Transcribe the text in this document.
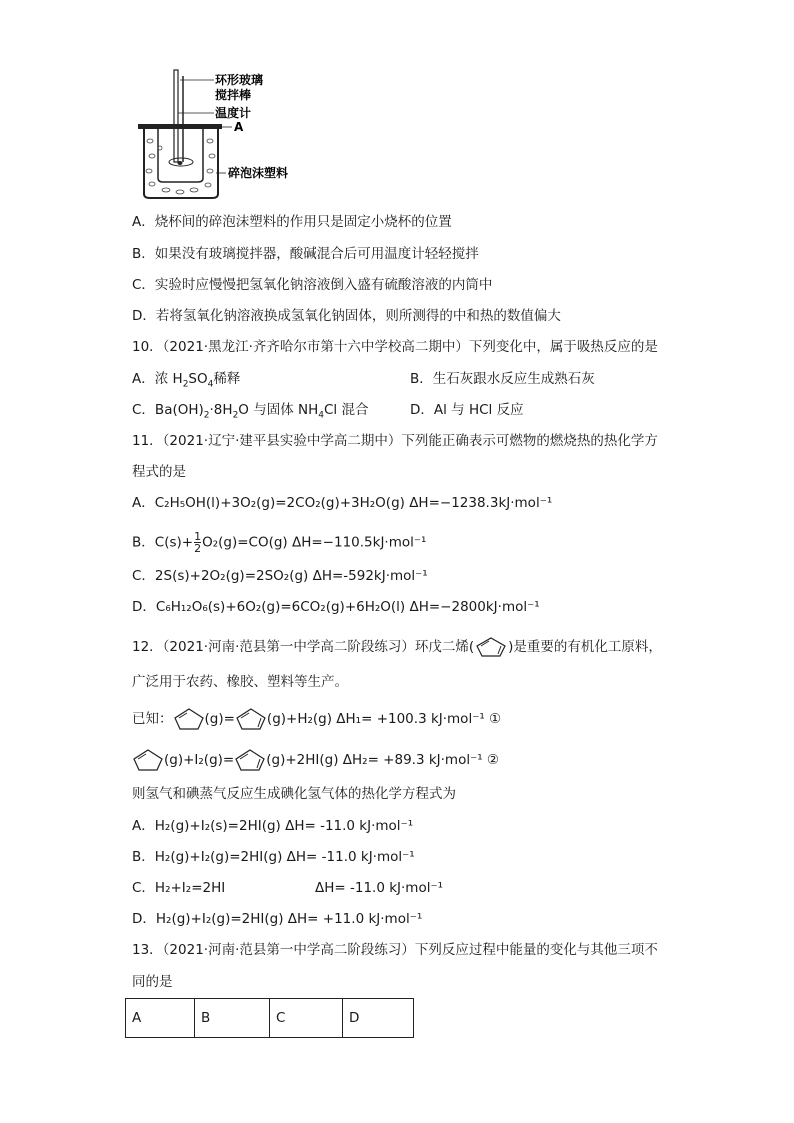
环形玻璃
搅拌棒
温度计
A
碎泡沫塑料
A．烧杯间的碎泡沫塑料的作用只是固定小烧杯的位置
B．如果没有玻璃搅拌器，酸碱混合后可用温度计轻轻搅拌
C．实验时应慢慢把氢氧化钠溶液倒入盛有硫酸溶液的内筒中
D．若将氢氧化钠溶液换成氢氧化钠固体，则所测得的中和热的数值偏大
10．（2021·黑龙江·齐齐哈尔市第十六中学校高二期中）下列变化中，属于吸热反应的是
A．浓 $H_2SO_4$稀释	B．生石灰跟水反应生成熟石灰
C．$Ba(OH)_2\cdot 8H_2O$ 与固体 $NH_4Cl$ 混合	D．Al 与 HCl 反应
11．（2021·辽宁·建平县实验中学高二期中）下列能正确表示可燃物的燃烧热的热化学方
程式的是
A．C₂H₅OH(l)+3O₂(g)=2CO₂(g)+3H₂O(g) ΔH=−1238.3kJ·mol⁻¹
B．$C(s)+ \frac{1}{2} O_2(g)=CO(g)$ ΔH=−110.5kJ·mol⁻¹
C．2S(s)+2O₂(g)=2SO₂(g) ΔH=-592kJ·mol⁻¹
D．C₆H₁₂O₆(s)+6O₂(g)=6CO₂(g)+6H₂O(l) ΔH=−2800kJ·mol⁻¹
12．（2021·河南·范县第一中学高二阶段练习）环戊二烯(	)是重要的有机化工原料，
广泛用于农药、橡胶、塑料等生产。
已知： (g)= (g)+H₂(g) ΔH₁= +100.3 kJ·mol⁻¹ ①
(g)+I₂(g)= (g)+2HI(g) ΔH₂= +89.3 kJ·mol⁻¹ ②
则氢气和碘蒸气反应生成碘化氢气体的热化学方程式为
A．H₂(g)+I₂(s)=2HI(g) ΔH= -11.0 kJ·mol⁻¹
B．H₂(g)+I₂(g)=2HI(g) ΔH= -11.0 kJ·mol⁻¹
C．H₂+I₂=2HI	ΔH= -11.0 kJ·mol⁻¹
D．H₂(g)+I₂(g)=2HI(g) ΔH= +11.0 kJ·mol⁻¹
13．（2021·河南·范县第一中学高二阶段练习）下列反应过程中能量的变化与其他三项不
同的是
A	B	C	D
